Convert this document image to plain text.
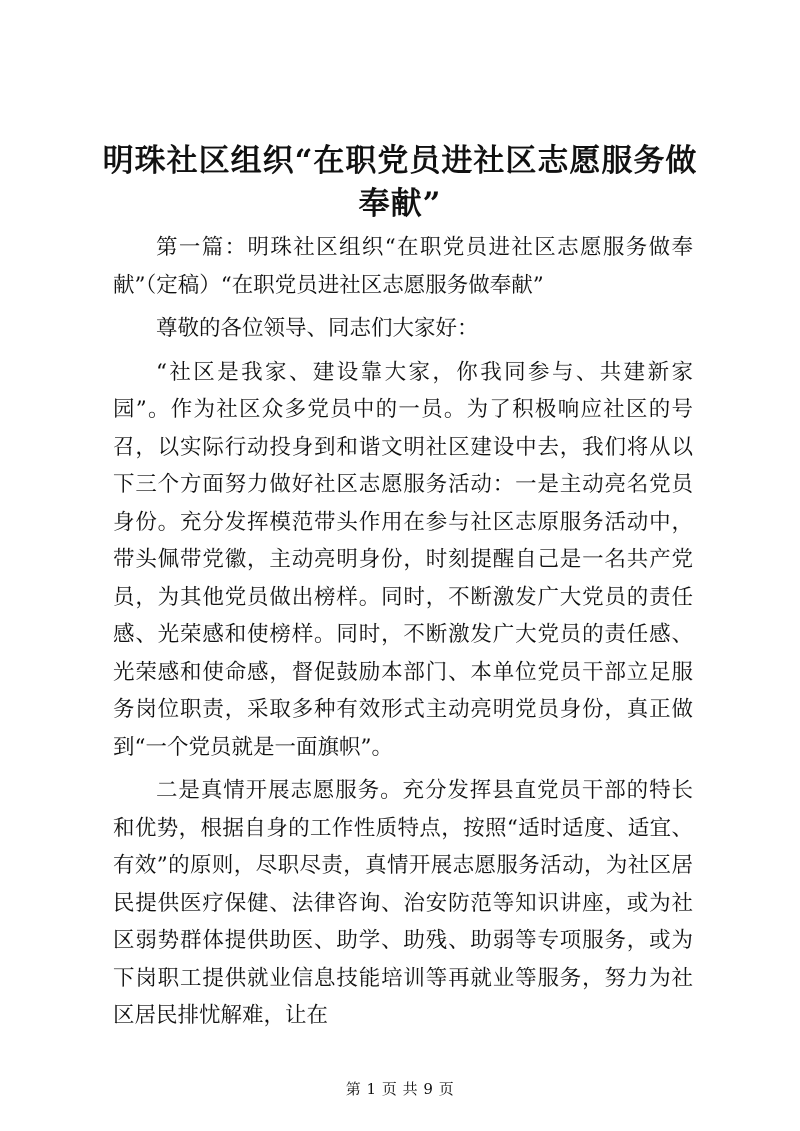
明珠社区组织“在职党员进社区志愿服务做奉献”

第一篇：明珠社区组织“在职党员进社区志愿服务做奉献”（定稿）“在职党员进社区志愿服务做奉献”

尊敬的各位领导、同志们大家好：

“社区是我家、建设靠大家，你我同参与、共建新家园”。作为社区众多党员中的一员。为了积极响应社区的号召，以实际行动投身到和谐文明社区建设中去，我们将从以下三个方面努力做好社区志愿服务活动：一是主动亮名党员身份。充分发挥模范带头作用在参与社区志原服务活动中，带头佩带党徽，主动亮明身份，时刻提醒自己是一名共产党员，为其他党员做出榜样。同时，不断激发广大党员的责任感、光荣感和使榜样。同时，不断激发广大党员的责任感、光荣感和使命感，督促鼓励本部门、本单位党员干部立足服务岗位职责，采取多种有效形式主动亮明党员身份，真正做到“一个党员就是一面旗帜”。

二是真情开展志愿服务。充分发挥县直党员干部的特长和优势，根据自身的工作性质特点，按照“适时适度、适宜、有效”的原则，尽职尽责，真情开展志愿服务活动，为社区居民提供医疗保健、法律咨询、治安防范等知识讲座，或为社区弱势群体提供助医、助学、助残、助弱等专项服务，或为下岗职工提供就业信息技能培训等再就业等服务，努力为社区居民排忧解难，让在

第 1 页 共 9 页
